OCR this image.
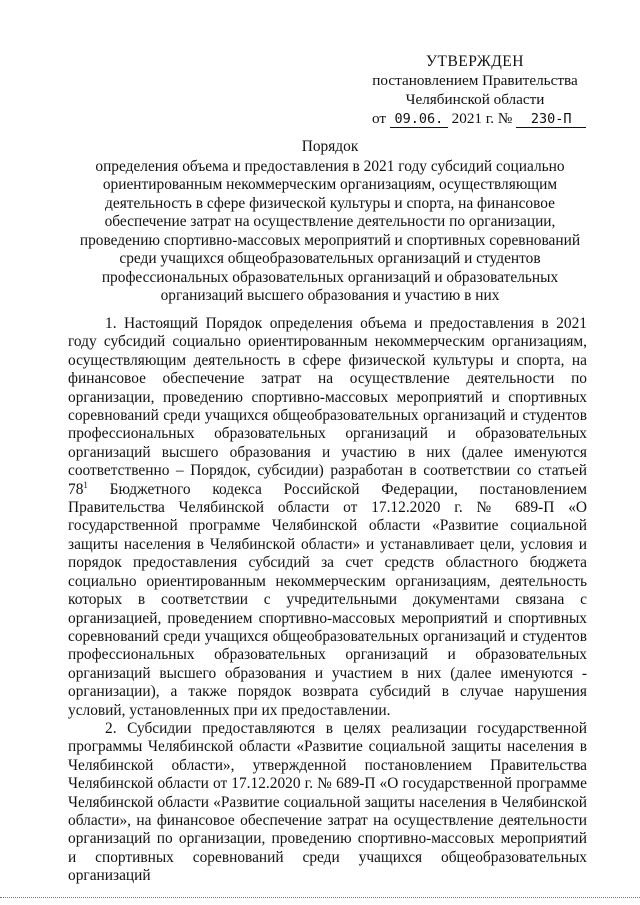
УТВЕРЖДЕН
постановлением Правительства
Челябинской области
от 09.06. 2021 г. № 230-П
Порядок
определения объема и предоставления в 2021 году субсидий социально
ориентированным некоммерческим организациям, осуществляющим
деятельность в сфере физической культуры и спорта, на финансовое
обеспечение затрат на осуществление деятельности по организации,
проведению спортивно-массовых мероприятий и спортивных соревнований
среди учащихся общеобразовательных организаций и студентов
профессиональных образовательных организаций и образовательных
организаций высшего образования и участию в них

1. Настоящий Порядок определения объема и предоставления в 2021 году субсидий социально ориентированным некоммерческим организациям, осуществляющим деятельность в сфере физической культуры и спорта, на финансовое обеспечение затрат на осуществление деятельности по организации, проведению спортивно-массовых мероприятий и спортивных соревнований среди учащихся общеобразовательных организаций и студентов профессиональных образовательных организаций и образовательных организаций высшего образования и участию в них (далее именуются соответственно – Порядок, субсидии) разработан в соответствии со статьей $78^1$ Бюджетного кодекса Российской Федерации, постановлением Правительства Челябинской области от 17.12.2020 г. № 689-П «О государственной программе Челябинской области «Развитие социальной защиты населения в Челябинской области» и устанавливает цели, условия и порядок предоставления субсидий за счет средств областного бюджета социально ориентированным некоммерческим организациям, деятельность которых в соответствии с учредительными документами связана с организацией, проведением спортивно-массовых мероприятий и спортивных соревнований среди учащихся общеобразовательных организаций и студентов профессиональных образовательных организаций и образовательных организаций высшего образования и участием в них (далее именуются - организации), а также порядок возврата субсидий в случае нарушения условий, установленных при их предоставлении.

2. Субсидии предоставляются в целях реализации государственной программы Челябинской области «Развитие социальной защиты населения в Челябинской области», утвержденной постановлением Правительства Челябинской области от 17.12.2020 г. № 689-П «О государственной программе Челябинской области «Развитие социальной защиты населения в Челябинской области», на финансовое обеспечение затрат на осуществление деятельности организаций по организации, проведению спортивно-массовых мероприятий и спортивных соревнований среди учащихся общеобразовательных организаций
